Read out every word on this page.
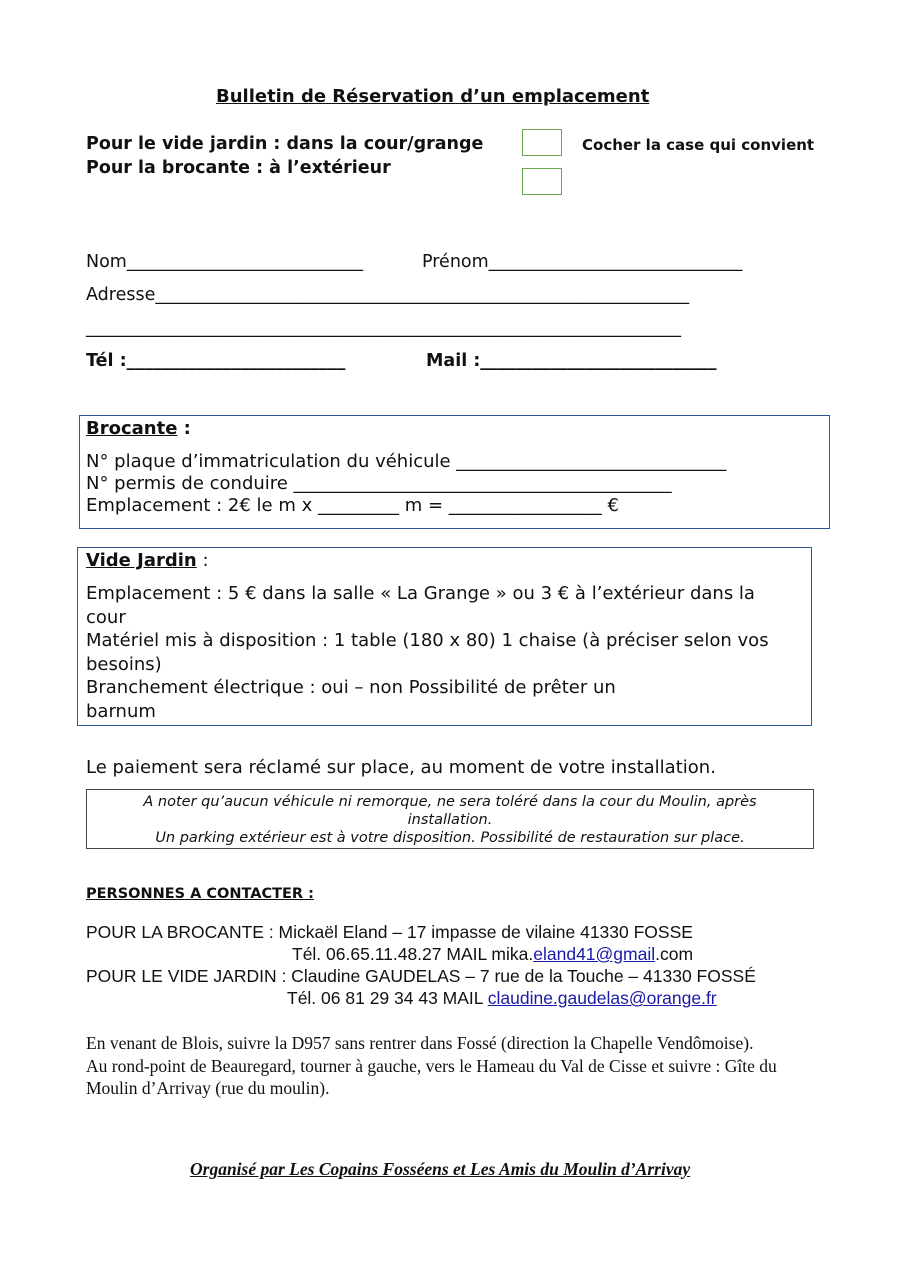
Bulletin de Réservation d’un emplacement
Pour le vide jardin : dans la cour/grange
Pour la brocante : à l’extérieur
Cocher la case qui convient
Nom___________________________	Prénom_____________________________
Adresse_____________________________________________________________
____________________________________________________________________
Tél :_________________________	Mail :___________________________
Brocante :
N° plaque d’immatriculation du véhicule ______________________________
N° permis de conduire __________________________________________
Emplacement : 2€ le m x _________ m = _________________ €
Vide Jardin :
Emplacement : 5 € dans la salle « La Grange » ou 3 € à l’extérieur dans la
cour
Matériel mis à disposition : 1 table (180 x 80) 1 chaise (à préciser selon vos
besoins)
Branchement électrique : oui – non Possibilité de prêter un
barnum
Le paiement sera réclamé sur place, au moment de votre installation.
A noter qu’aucun véhicule ni remorque, ne sera toléré dans la cour du Moulin, après
installation.
Un parking extérieur est à votre disposition. Possibilité de restauration sur place.
PERSONNES A CONTACTER :
POUR LA BROCANTE : Mickaël Eland – 17 impasse de vilaine 41330 FOSSE
Tél. 06.65.11.48.27 MAIL mika.eland41@gmail.com
POUR LE VIDE JARDIN : Claudine GAUDELAS – 7 rue de la Touche – 41330 FOSSÉ
Tél. 06 81 29 34 43 MAIL claudine.gaudelas@orange.fr
En venant de Blois, suivre la D957 sans rentrer dans Fossé (direction la Chapelle Vendômoise).
Au rond-point de Beauregard, tourner à gauche, vers le Hameau du Val de Cisse et suivre : Gîte du
Moulin d’Arrivay (rue du moulin).
Organisé par Les Copains Fosséens et Les Amis du Moulin d’Arrivay
